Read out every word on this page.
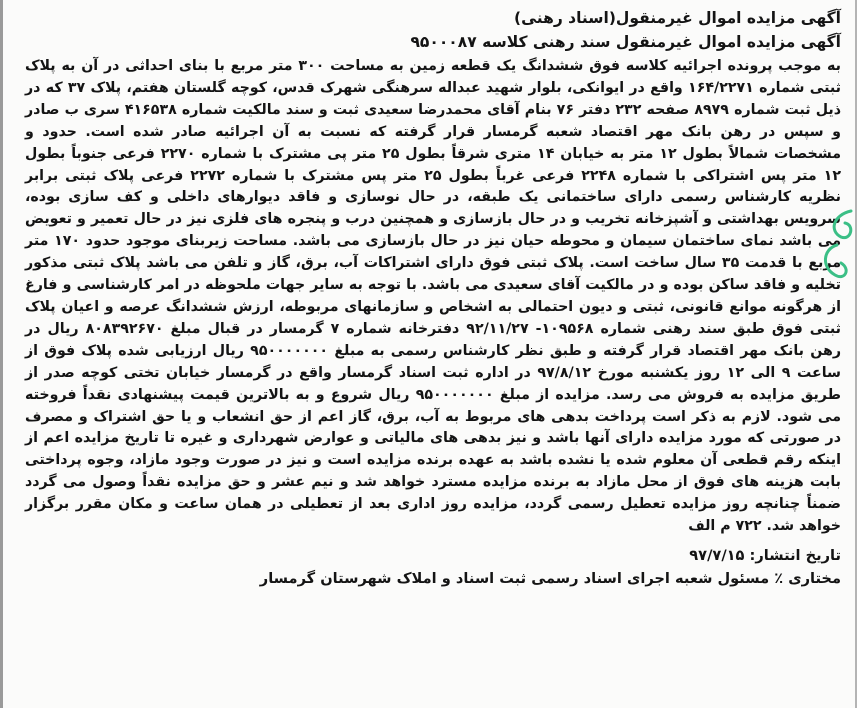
آگهی مزایده اموال غیرمنقول(اسناد رهنی)

آگهی مزایده اموال غیرمنقول سند رهنی کلاسه ۹۵۰۰۰۸۷

به موجب پرونده اجرائیه کلاسه فوق ششدانگ یک قطعه زمین به مساحت ۳۰۰ متر مربع با بنای احداثی در آن به پلاک ثبتی شماره ۱۶۴/۲۲۷۱ واقع در ایوانکی، بلوار شهید عبداله سرهنگی شهرک قدس، کوچه گلستان هفتم، پلاک ۳۷ که در ذیل ثبت شماره ۸۹۷۹ صفحه ۲۳۲ دفتر ۷۶ بنام آقای محمدرضا سعیدی ثبت و سند مالکیت شماره ۴۱۶۵۳۸ سری ب صادر و سپس در رهن بانک مهر اقتصاد شعبه گرمسار قرار گرفته که نسبت به آن اجرائیه صادر شده است. حدود و مشخصات شمالاً بطول ۱۲ متر به خیابان ۱۴ متری شرقاً بطول ۲۵ متر پی مشترک با شماره ۲۲۷۰ فرعی جنوباً بطول ۱۲ متر پس اشتراکی با شماره ۲۲۴۸ فرعی غرباً بطول ۲۵ متر پس مشترک با شماره ۲۲۷۲ فرعی پلاک ثبتی برابر نظریه کارشناس رسمی دارای ساختمانی یک طبقه، در حال نوسازی و فاقد دیوارهای داخلی و کف سازی بوده، سرویس بهداشتی و آشپزخانه تخریب و در حال بازسازی و همچنین درب و پنجره های فلزی نیز در حال تعمیر و تعویض می باشد نمای ساختمان سیمان و محوطه حیان نیز در حال بازسازی می باشد. مساحت زیربنای موجود حدود ۱۷۰ متر مربع با قدمت ۳۵ سال ساخت است. پلاک ثبتی فوق دارای اشتراکات آب، برق، گاز و تلفن می باشد پلاک ثبتی مذکور تخلیه و فاقد ساکن بوده و در مالکیت آقای سعیدی می باشد. با توجه به سایر جهات ملحوظه در امر کارشناسی و فارغ از هرگونه موانع قانونی، ثبتی و دیون احتمالی به اشخاص و سازمانهای مربوطه، ارزش ششدانگ عرصه و اعیان پلاک ثبتی فوق طبق سند رهنی شماره ۱۰۹۵۶۸- ۹۲/۱۱/۲۷ دفترخانه شماره ۷ گرمسار در قبال مبلغ ۸۰۸۳۹۲۶۷۰ ریال در رهن بانک مهر اقتصاد قرار گرفته و طبق نظر کارشناس رسمی به مبلغ ۹۵۰۰۰۰۰۰۰ ریال ارزیابی شده پلاک فوق از ساعت ۹ الی ۱۲ روز یکشنبه مورخ ۹۷/۸/۱۲ در اداره ثبت اسناد گرمسار واقع در گرمسار خیابان تختی کوچه صدر از طریق مزایده به فروش می رسد. مزایده از مبلغ ۹۵۰۰۰۰۰۰۰ ریال شروع و به بالاترین قیمت پیشنهادی نقداً فروخته می شود. لازم به ذکر است پرداخت بدهی های مربوط به آب، برق، گاز اعم از حق انشعاب و یا حق اشتراک و مصرف در صورتی که مورد مزایده دارای آنها باشد و نیز بدهی های مالیاتی و عوارض شهرداری و غیره تا تاریخ مزایده اعم از اینکه رقم قطعی آن معلوم شده یا نشده باشد به عهده برنده مزایده است و نیز در صورت وجود مازاد، وجوه پرداختی بابت هزینه های فوق از محل مازاد به برنده مزایده مسترد خواهد شد و نیم عشر و حق مزایده نقداً وصول می گردد ضمناً چنانچه روز مزایده تعطیل رسمی گردد، مزایده روز اداری بعد از تعطیلی در همان ساعت و مکان مقرر برگزار خواهد شد. ۷۲۲ م الف

تاریخ انتشار: ۹۷/۷/۱۵

مختاری ٪ مسئول شعبه اجرای اسناد رسمی ثبت اسناد و املاک شهرستان گرمسار
